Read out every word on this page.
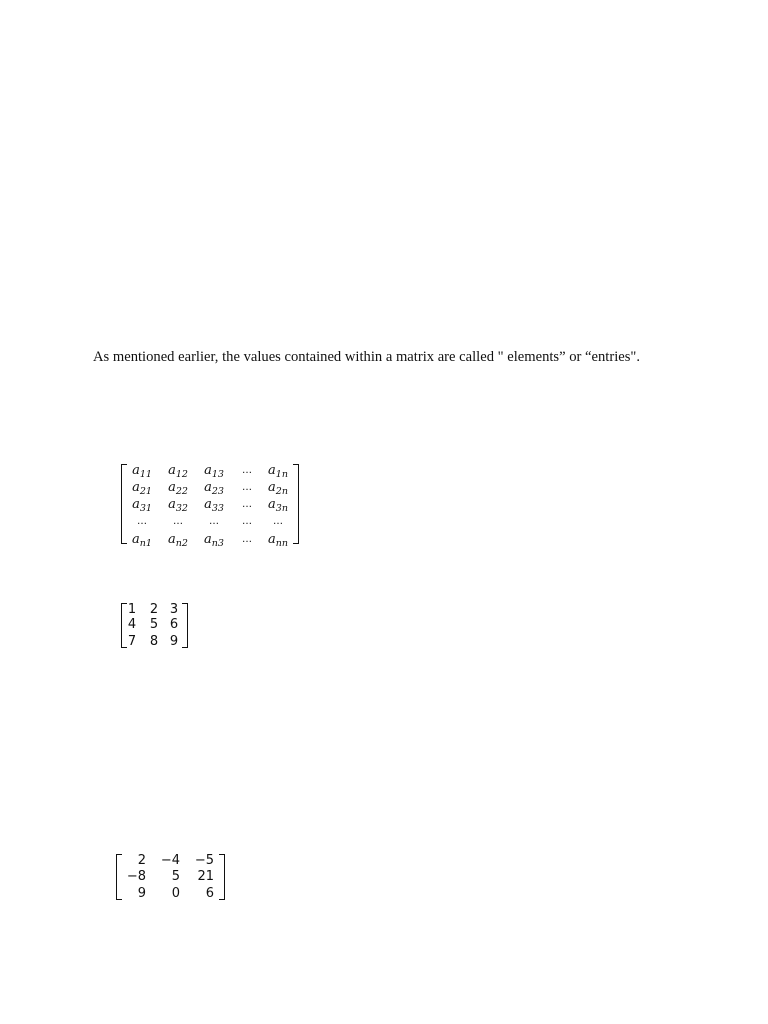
As mentioned earlier, the values contained within a matrix are called " elements” or “entries".
$a_{11}$	$a_{12}$	$a_{13}$	…	$a_{1n}$
$a_{21}$	$a_{22}$	$a_{23}$	…	$a_{2n}$
$a_{31}$	$a_{32}$	$a_{33}$	…	$a_{3n}$
…	…	…	…	…
$a_{n1}$	$a_{n2}$	$a_{n3}$	…	$a_{nn}$
1	2 3
4	5 6
7	8 9
2	−4	−5
−8	5	21
9	0	6
